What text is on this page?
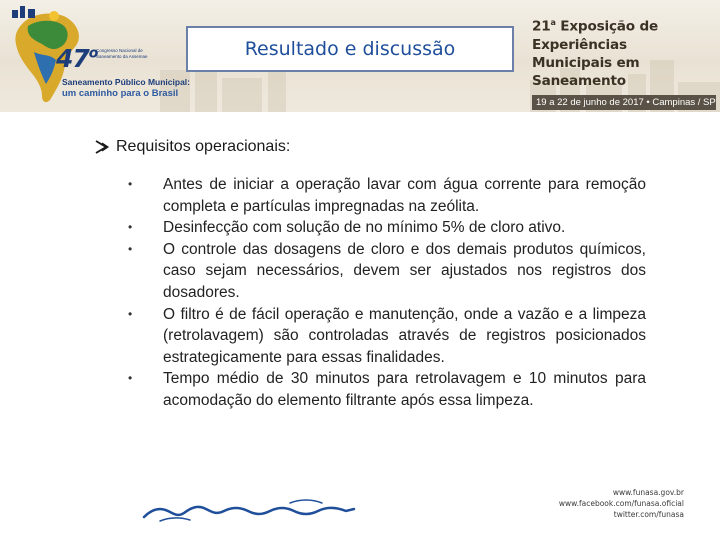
47$^o$

Congresso Nacional de Saneamento da Assemae

Saneamento Público Municipal:

um caminho para o Brasil

Resultado e discussão

21$^a$ Exposição de Experiências
Municipais em Saneamento

19 a 22 de junho de 2017 • Campinas / SP
Requisitos operacionais:
•	Antes de iniciar a operação lavar com água corrente para remoção completa e partículas impregnadas na zeólita.
•	Desinfecção com solução de no mínimo 5% de cloro ativo.
•	O controle das dosagens de cloro e dos demais produtos químicos, caso sejam necessários, devem ser ajustados nos registros dos dosadores.
•	O filtro é de fácil operação e manutenção, onde a vazão e a limpeza (retrolavagem) são controladas através de registros posicionados estrategicamente para essas finalidades.
•	Tempo médio de 30 minutos para retrolavagem e 10 minutos para acomodação do elemento filtrante após essa limpeza.
www.funasa.gov.br
www.facebook.com/funasa.oficial
twitter.com/funasa
